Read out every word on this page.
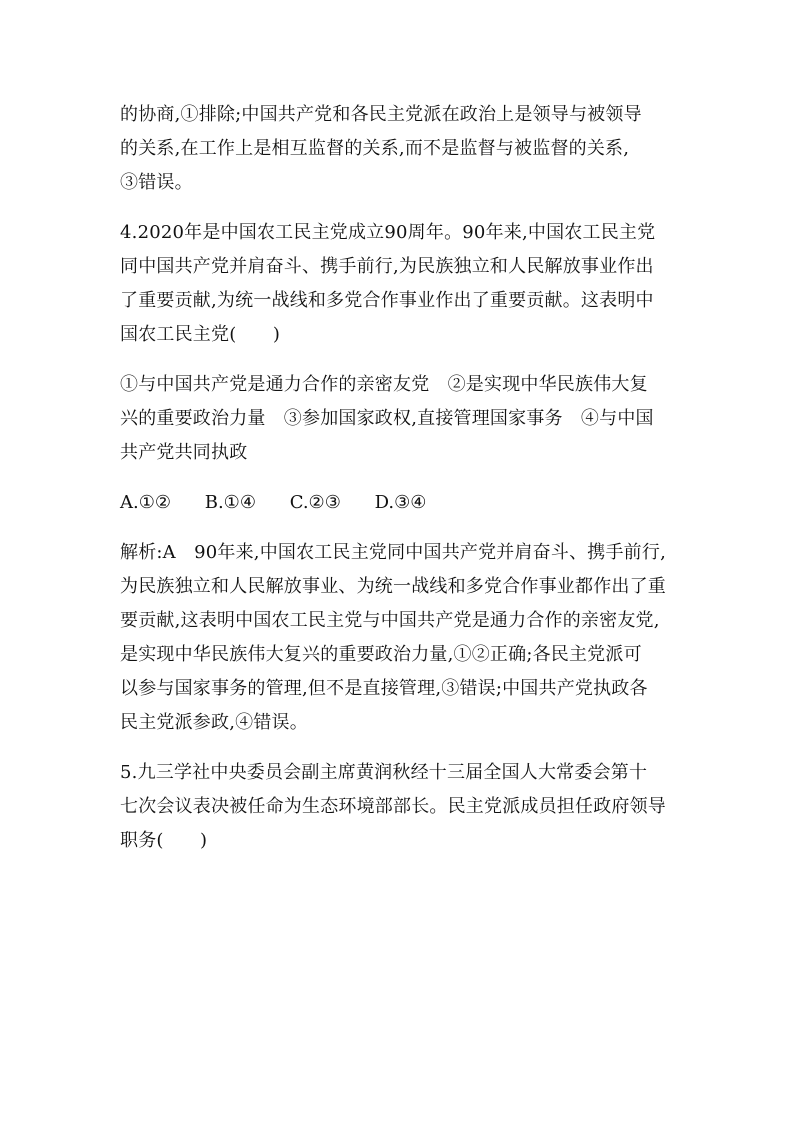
的协商,①排除;中国共产党和各民主党派在政治上是领导与被领导
的关系,在工作上是相互监督的关系,而不是监督与被监督的关系,
③错误。

4.2020年是中国农工民主党成立90周年。90年来,中国农工民主党
同中国共产党并肩奋斗、携手前行,为民族独立和人民解放事业作出
了重要贡献,为统一战线和多党合作事业作出了重要贡献。这表明中
国农工民主党(　　)

①与中国共产党是通力合作的亲密友党　②是实现中华民族伟大复
兴的重要政治力量　③参加国家政权,直接管理国家事务　④与中国
共产党共同执政

A.①② B.①④ C.②③ D.③④

解析:A　90年来,中国农工民主党同中国共产党并肩奋斗、携手前行,
为民族独立和人民解放事业、为统一战线和多党合作事业都作出了重
要贡献,这表明中国农工民主党与中国共产党是通力合作的亲密友党,
是实现中华民族伟大复兴的重要政治力量,①②正确;各民主党派可
以参与国家事务的管理,但不是直接管理,③错误;中国共产党执政各
民主党派参政,④错误。

5.九三学社中央委员会副主席黄润秋经十三届全国人大常委会第十
七次会议表决被任命为生态环境部部长。民主党派成员担任政府领导
职务(　　)
